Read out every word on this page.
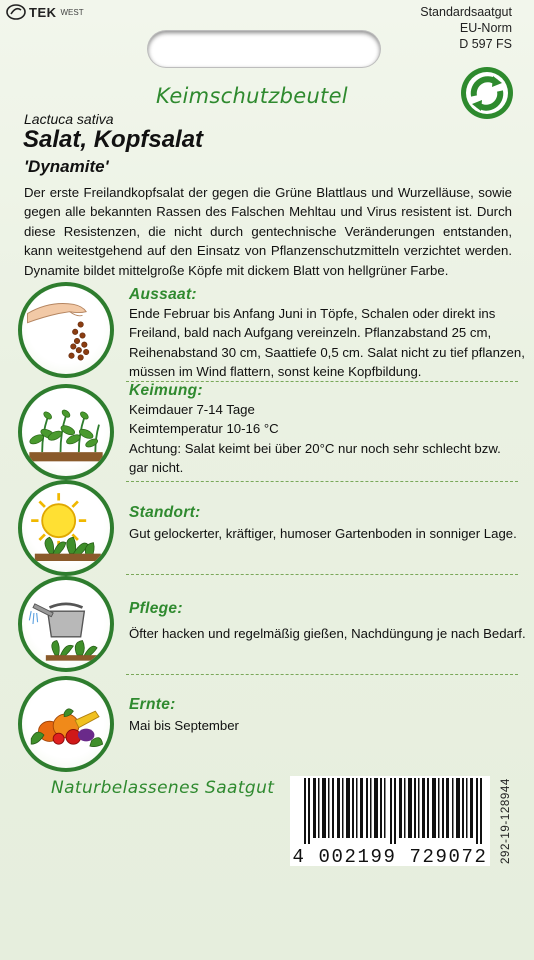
TEK WEST	Standardsaatgut
EU-Norm
D 597 FS
Keimschutzbeutel
Lactuca sativa
Salat, Kopfsalat
'Dynamite'
Der erste Freilandkopfsalat der gegen die Grüne Blattlaus und Wurzelläuse, sowie gegen alle bekannten Rassen des Falschen Mehltau und Virus resistent ist. Durch diese Resistenzen, die nicht durch gentechnische Veränderungen entstanden, kann weitestgehend auf den Einsatz von Pflanzenschutzmitteln verzichtet werden. Dynamite bildet mittelgroße Köpfe mit dickem Blatt von hellgrüner Farbe.
Aussaat:
Ende Februar bis Anfang Juni in Töpfe, Schalen oder direkt ins
Freiland, bald nach Aufgang vereinzeln. Pflanzabstand 25 cm,
Reihenabstand 30 cm, Saattiefe 0,5 cm. Salat nicht zu tief pflanzen,
müssen im Wind flattern, sonst keine Kopfbildung.
Keimung:
Keimdauer 7-14 Tage
Keimtemperatur 10-16 °C
Achtung: Salat keimt bei über 20°C nur noch sehr schlecht bzw.
gar nicht.
Standort:
Gut gelockerter, kräftiger, humoser Gartenboden in sonniger Lage.
Pflege:
Öfter hacken und regelmäßig gießen, Nachdüngung je nach Bedarf.
Ernte:
Mai bis September
Naturbelassenes Saatgut
4 002199 729072 292-19-128944
